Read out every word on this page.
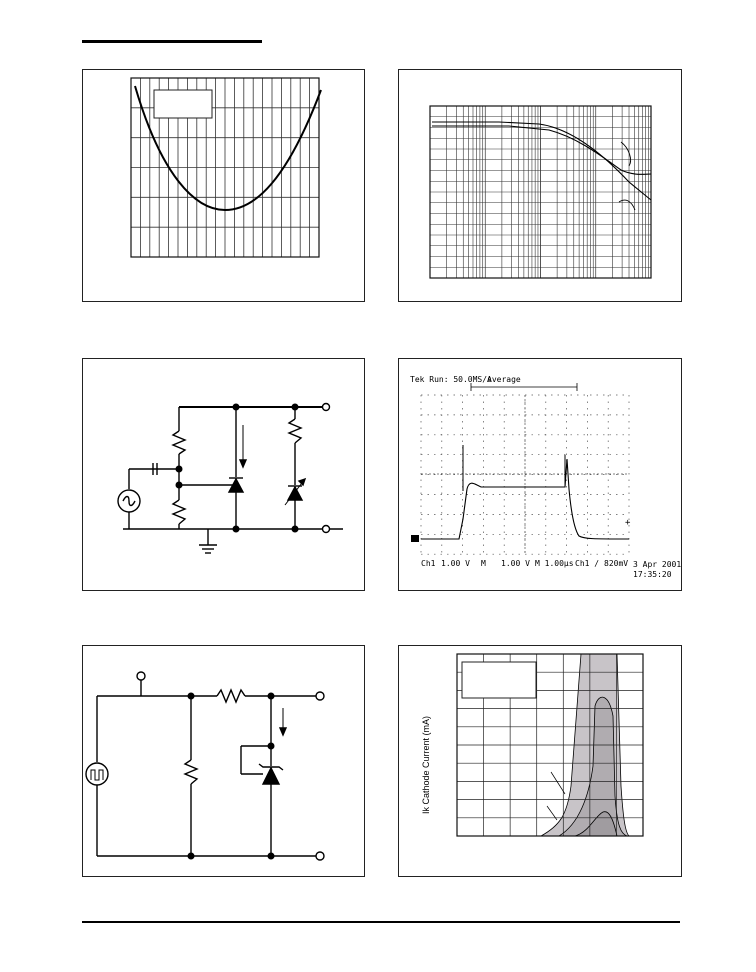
Tek Run: 50.0MS/s
Average
+
Ch1 1.00 V M 1.00 V M 1.00μs Ch1 ∕ 820mV 3 Apr 2001
17:35:20
Ik Cathode Current (mA)
